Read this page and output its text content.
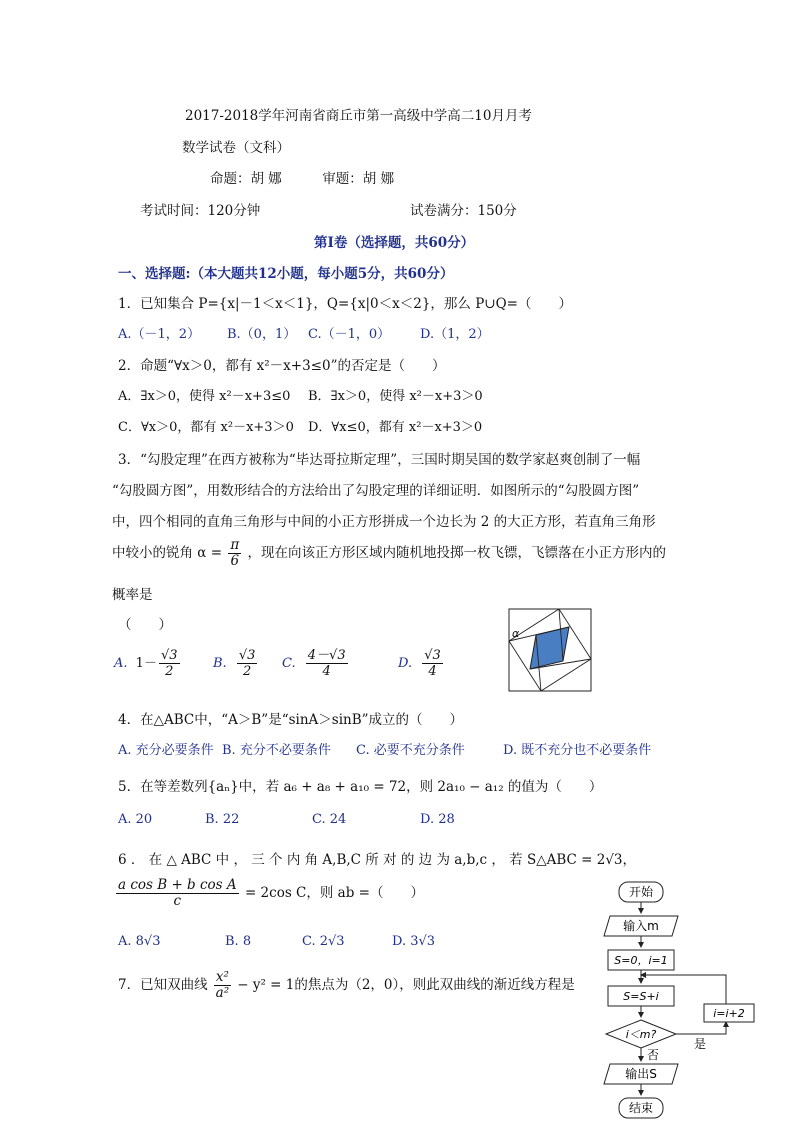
2017-2018学年河南省商丘市第一高级中学高二10月月考
数学试卷（文科）
命题：胡 娜　　　审题：胡 娜
考试时间：120分钟	试卷满分：150分
第Ⅰ卷（选择题，共60分）
一、选择题:（本大题共12小题，每小题5分，共60分）
1．已知集合 P={x|－1＜x＜1}，Q={x|0＜x＜2}，那么 P∪Q=（　　）
A.（－1，2） B.（0，1） C.（－1，0） D.（1，2）
2．命题“∀x＞0，都有 x²－x+3≤0”的否定是（　　）
A．∃x＞0，使得 x²－x+3≤0 B．∃x＞0，使得 x²－x+3＞0
C．∀x＞0，都有 x²－x+3＞0 D．∀x≤0，都有 x²－x+3＞0
3．“勾股定理”在西方被称为“毕达哥拉斯定理”，三国时期吴国的数学家赵爽创制了一幅
“勾股圆方图”，用数形结合的方法给出了勾股定理的详细证明．如图所示的“勾股圆方图”
中，四个相同的直角三角形与中间的小正方形拼成一个边长为 2 的大正方形，若直角三角形
中较小的锐角 $\alpha = \frac{\pi}{6}$ ，现在向该正方形区域内随机地投掷一枚飞镖，飞镖落在小正方形内的
概率是
（　　）
A. $1- \frac{√3}{2}$	B. $\frac{√3}{2} C$. $\frac{4-√3}{4}$	D. $\frac{√3}{4}$
α
4．在△ABC中，“A＞B”是“sinA＞sinB”成立的（　　）
A. 充分必要条件 B. 充分不必要条件 C. 必要不充分条件	D. 既不充分也不必要条件
5．在等差数列{aₙ}中，若 a₆ + a₈ + a₁₀ = 72，则 2a₁₀ − a₁₂ 的值为（　　）
A. 20	B. 22	C. 24	D. 28
6 ． 在 △ ABC 中 ， 三 个 内 角 A,B,C 所 对 的 边 为 a,b,c ， 若 S△ABC = 2√3，
$\frac{\text{a cos B + b cos A}}{c} = 2\cos$ C，则 ab =（　　）
A. 8√3	B. 8	C. 2√3	D. 3√3
7．已知双曲线 $\frac{\text{x²}}{\text{a²}} - y^2 = 1$的焦点为（2，0），则此双曲线的渐近线方程是
开始
输入m
S=0，i=1
S=S+i
i＜m?
i=i+2
是
否
输出S
结束
